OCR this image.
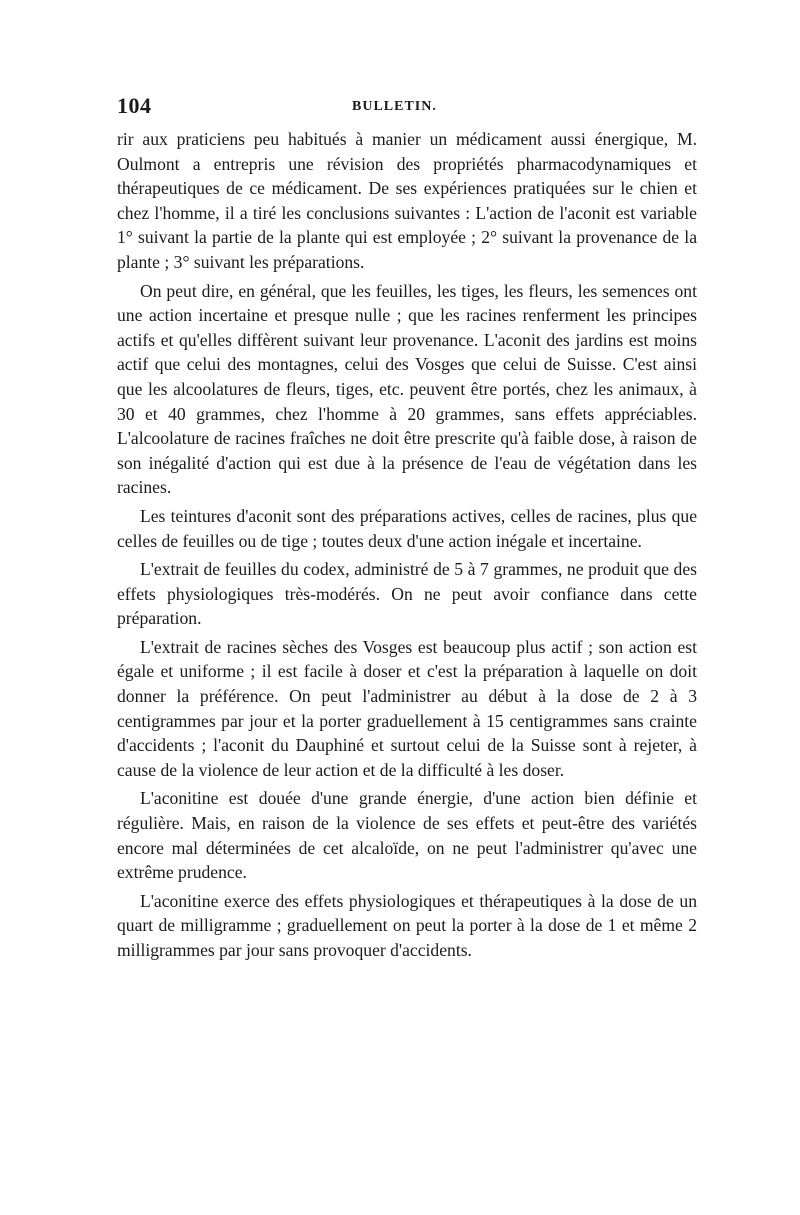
104	BULLETIN.

rir aux praticiens peu habitués à manier un médicament aussi énergique, M. Oulmont a entrepris une révision des propriétés pharmacodynamiques et thérapeutiques de ce médicament. De ses expériences pratiquées sur le chien et chez l'homme, il a tiré les conclusions suivantes : L'action de l'aconit est variable 1° suivant la partie de la plante qui est employée ; 2° suivant la provenance de la plante ; 3° suivant les préparations.

On peut dire, en général, que les feuilles, les tiges, les fleurs, les semences ont une action incertaine et presque nulle ; que les racines renferment les principes actifs et qu'elles diffèrent suivant leur provenance. L'aconit des jardins est moins actif que celui des montagnes, celui des Vosges que celui de Suisse. C'est ainsi que les alcoolatures de fleurs, tiges, etc. peuvent être portés, chez les animaux, à 30 et 40 grammes, chez l'homme à 20 grammes, sans effets appréciables. L'alcoolature de racines fraîches ne doit être prescrite qu'à faible dose, à raison de son inégalité d'action qui est due à la présence de l'eau de végétation dans les racines.

Les teintures d'aconit sont des préparations actives, celles de racines, plus que celles de feuilles ou de tige ; toutes deux d'une action inégale et incertaine.

L'extrait de feuilles du codex, administré de 5 à 7 grammes, ne produit que des effets physiologiques très-modérés. On ne peut avoir confiance dans cette préparation.

L'extrait de racines sèches des Vosges est beaucoup plus actif ; son action est égale et uniforme ; il est facile à doser et c'est la préparation à laquelle on doit donner la préférence. On peut l'administrer au début à la dose de 2 à 3 centigrammes par jour et la porter graduellement à 15 centigrammes sans crainte d'accidents ; l'aconit du Dauphiné et surtout celui de la Suisse sont à rejeter, à cause de la violence de leur action et de la difficulté à les doser.

L'aconitine est douée d'une grande énergie, d'une action bien définie et régulière. Mais, en raison de la violence de ses effets et peut-être des variétés encore mal déterminées de cet alcaloïde, on ne peut l'administrer qu'avec une extrême prudence.

L'aconitine exerce des effets physiologiques et thérapeutiques à la dose de un quart de milligramme ; graduellement on peut la porter à la dose de 1 et même 2 milligrammes par jour sans provoquer d'accidents.
